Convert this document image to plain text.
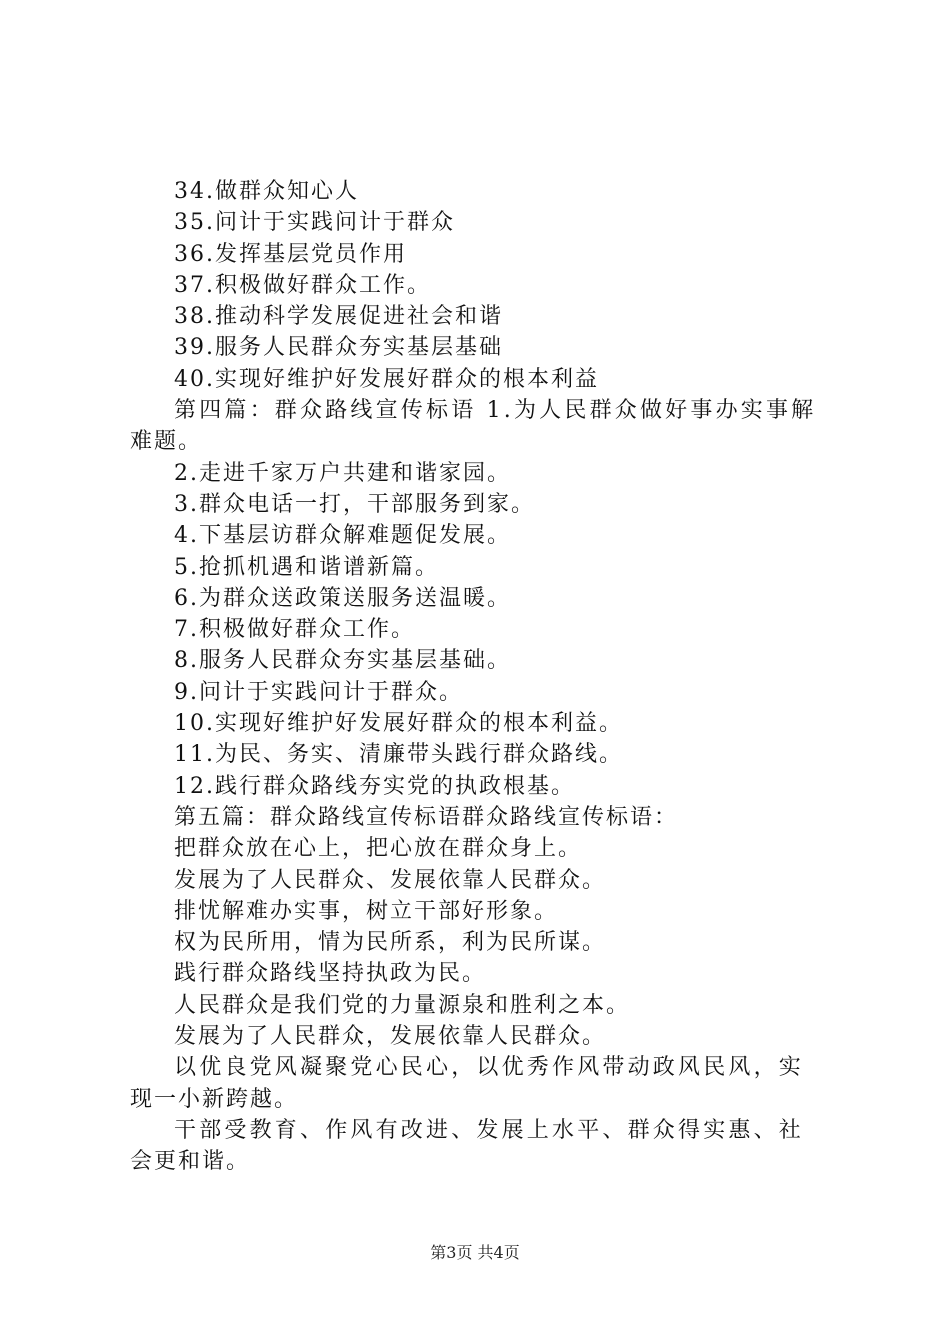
34.做群众知心人
35.问计于实践问计于群众
36.发挥基层党员作用
37.积极做好群众工作。
38.推动科学发展促进社会和谐
39.服务人民群众夯实基层基础
40.实现好维护好发展好群众的根本利益
第四篇：群众路线宣传标语 1.为人民群众做好事办实事解
难题。
2.走进千家万户共建和谐家园。
3.群众电话一打，干部服务到家。
4.下基层访群众解难题促发展。
5.抢抓机遇和谐谱新篇。
6.为群众送政策送服务送温暖。
7.积极做好群众工作。
8.服务人民群众夯实基层基础。
9.问计于实践问计于群众。
10.实现好维护好发展好群众的根本利益。
11.为民、务实、清廉带头践行群众路线。
12.践行群众路线夯实党的执政根基。
第五篇：群众路线宣传标语群众路线宣传标语：
把群众放在心上，把心放在群众身上。
发展为了人民群众、发展依靠人民群众。
排忧解难办实事，树立干部好形象。
权为民所用，情为民所系，利为民所谋。
践行群众路线坚持执政为民。
人民群众是我们党的力量源泉和胜利之本。
发展为了人民群众，发展依靠人民群众。
以优良党风凝聚党心民心，以优秀作风带动政风民风，实
现一小新跨越。
干部受教育、作风有改进、发展上水平、群众得实惠、社
会更和谐。
第3页 共4页
